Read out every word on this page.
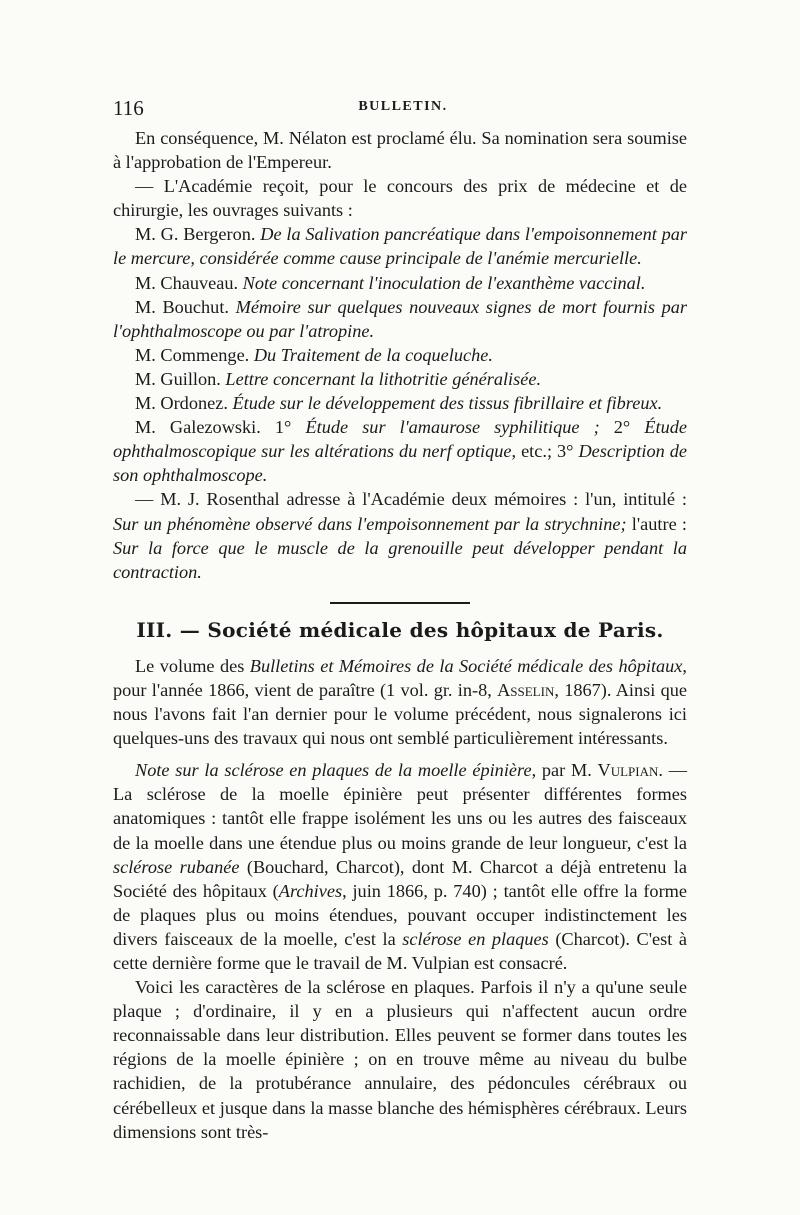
116	BULLETIN.

En conséquence, M. Nélaton est proclamé élu. Sa nomination sera soumise à l'approbation de l'Empereur.

— L'Académie reçoit, pour le concours des prix de médecine et de chirurgie, les ouvrages suivants :

M. G. Bergeron. De la Salivation pancréatique dans l'empoisonnement par le mercure, considérée comme cause principale de l'anémie mercurielle.

M. Chauveau. Note concernant l'inoculation de l'exanthème vaccinal.

M. Bouchut. Mémoire sur quelques nouveaux signes de mort fournis par l'ophthalmoscope ou par l'atropine.

M. Commenge. Du Traitement de la coqueluche.

M. Guillon. Lettre concernant la lithotritie généralisée.

M. Ordonez. Étude sur le développement des tissus fibrillaire et fibreux.

M. Galezowski. 1° Étude sur l'amaurose syphilitique ; 2° Étude ophthalmoscopique sur les altérations du nerf optique, etc.; 3° Description de son ophthalmoscope.

— M. J. Rosenthal adresse à l'Académie deux mémoires : l'un, intitulé : Sur un phénomène observé dans l'empoisonnement par la strychnine; l'autre : Sur la force que le muscle de la grenouille peut développer pendant la contraction.

III. — Société médicale des hôpitaux de Paris.

Le volume des Bulletins et Mémoires de la Société médicale des hôpitaux, pour l'année 1866, vient de paraître (1 vol. gr. in-8, Asselin, 1867). Ainsi que nous l'avons fait l'an dernier pour le volume précédent, nous signalerons ici quelques-uns des travaux qui nous ont semblé particulièrement intéressants.

Note sur la sclérose en plaques de la moelle épinière, par M. Vulpian. — La sclérose de la moelle épinière peut présenter différentes formes anatomiques : tantôt elle frappe isolément les uns ou les autres des faisceaux de la moelle dans une étendue plus ou moins grande de leur longueur, c'est la sclérose rubanée (Bouchard, Charcot), dont M. Charcot a déjà entretenu la Société des hôpitaux (Archives, juin 1866, p. 740) ; tantôt elle offre la forme de plaques plus ou moins étendues, pouvant occuper indistinctement les divers faisceaux de la moelle, c'est la sclérose en plaques (Charcot). C'est à cette dernière forme que le travail de M. Vulpian est consacré.

Voici les caractères de la sclérose en plaques. Parfois il n'y a qu'une seule plaque ; d'ordinaire, il y en a plusieurs qui n'affectent aucun ordre reconnaissable dans leur distribution. Elles peuvent se former dans toutes les régions de la moelle épinière ; on en trouve même au niveau du bulbe rachidien, de la protubérance annulaire, des pédoncules cérébraux ou cérébelleux et jusque dans la masse blanche des hémisphères cérébraux. Leurs dimensions sont très-
